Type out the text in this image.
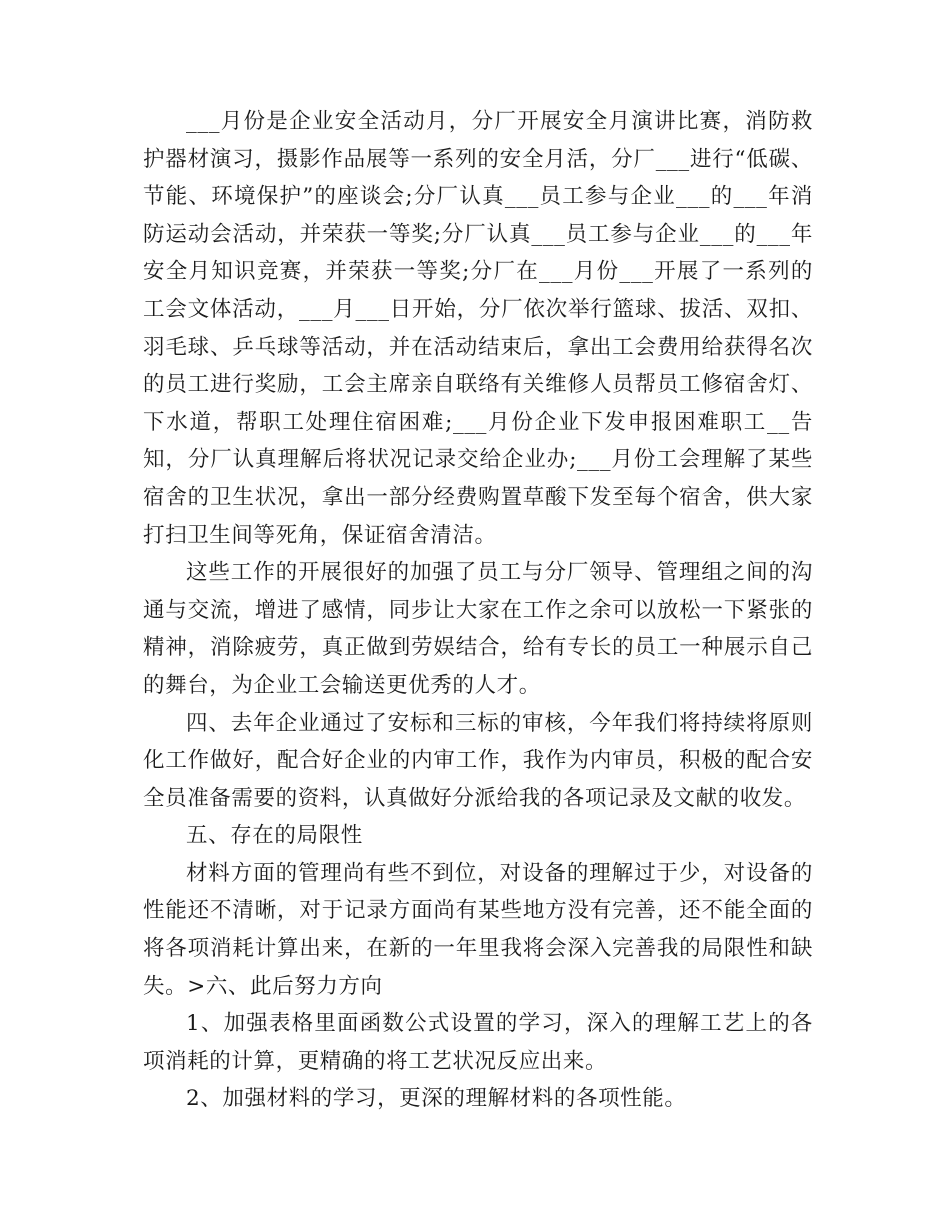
___月份是企业安全活动月，分厂开展安全月演讲比赛，消防救护器材演习，摄影作品展等一系列的安全月活，分厂___进行“低碳、节能、环境保护”的座谈会;分厂认真___员工参与企业___的___年消防运动会活动，并荣获一等奖;分厂认真___员工参与企业___的___年安全月知识竞赛，并荣获一等奖;分厂在___月份___开展了一系列的工会文体活动，___月___日开始，分厂依次举行篮球、拔活、双扣、羽毛球、乒乓球等活动，并在活动结束后，拿出工会费用给获得名次的员工进行奖励，工会主席亲自联络有关维修人员帮员工修宿舍灯、下水道，帮职工处理住宿困难;___月份企业下发申报困难职工__告知，分厂认真理解后将状况记录交给企业办;___月份工会理解了某些宿舍的卫生状况，拿出一部分经费购置草酸下发至每个宿舍，供大家打扫卫生间等死角，保证宿舍清洁。

这些工作的开展很好的加强了员工与分厂领导、管理组之间的沟通与交流，增进了感情，同步让大家在工作之余可以放松一下紧张的精神，消除疲劳，真正做到劳娱结合，给有专长的员工一种展示自己的舞台，为企业工会输送更优秀的人才。

四、去年企业通过了安标和三标的审核，今年我们将持续将原则化工作做好，配合好企业的内审工作，我作为内审员，积极的配合安全员准备需要的资料，认真做好分派给我的各项记录及文献的收发。

五、存在的局限性

材料方面的管理尚有些不到位，对设备的理解过于少，对设备的性能还不清晰，对于记录方面尚有某些地方没有完善，还不能全面的将各项消耗计算出来，在新的一年里我将会深入完善我的局限性和缺失。>六、此后努力方向

1、加强表格里面函数公式设置的学习，深入的理解工艺上的各项消耗的计算，更精确的将工艺状况反应出来。

2、加强材料的学习，更深的理解材料的各项性能。
